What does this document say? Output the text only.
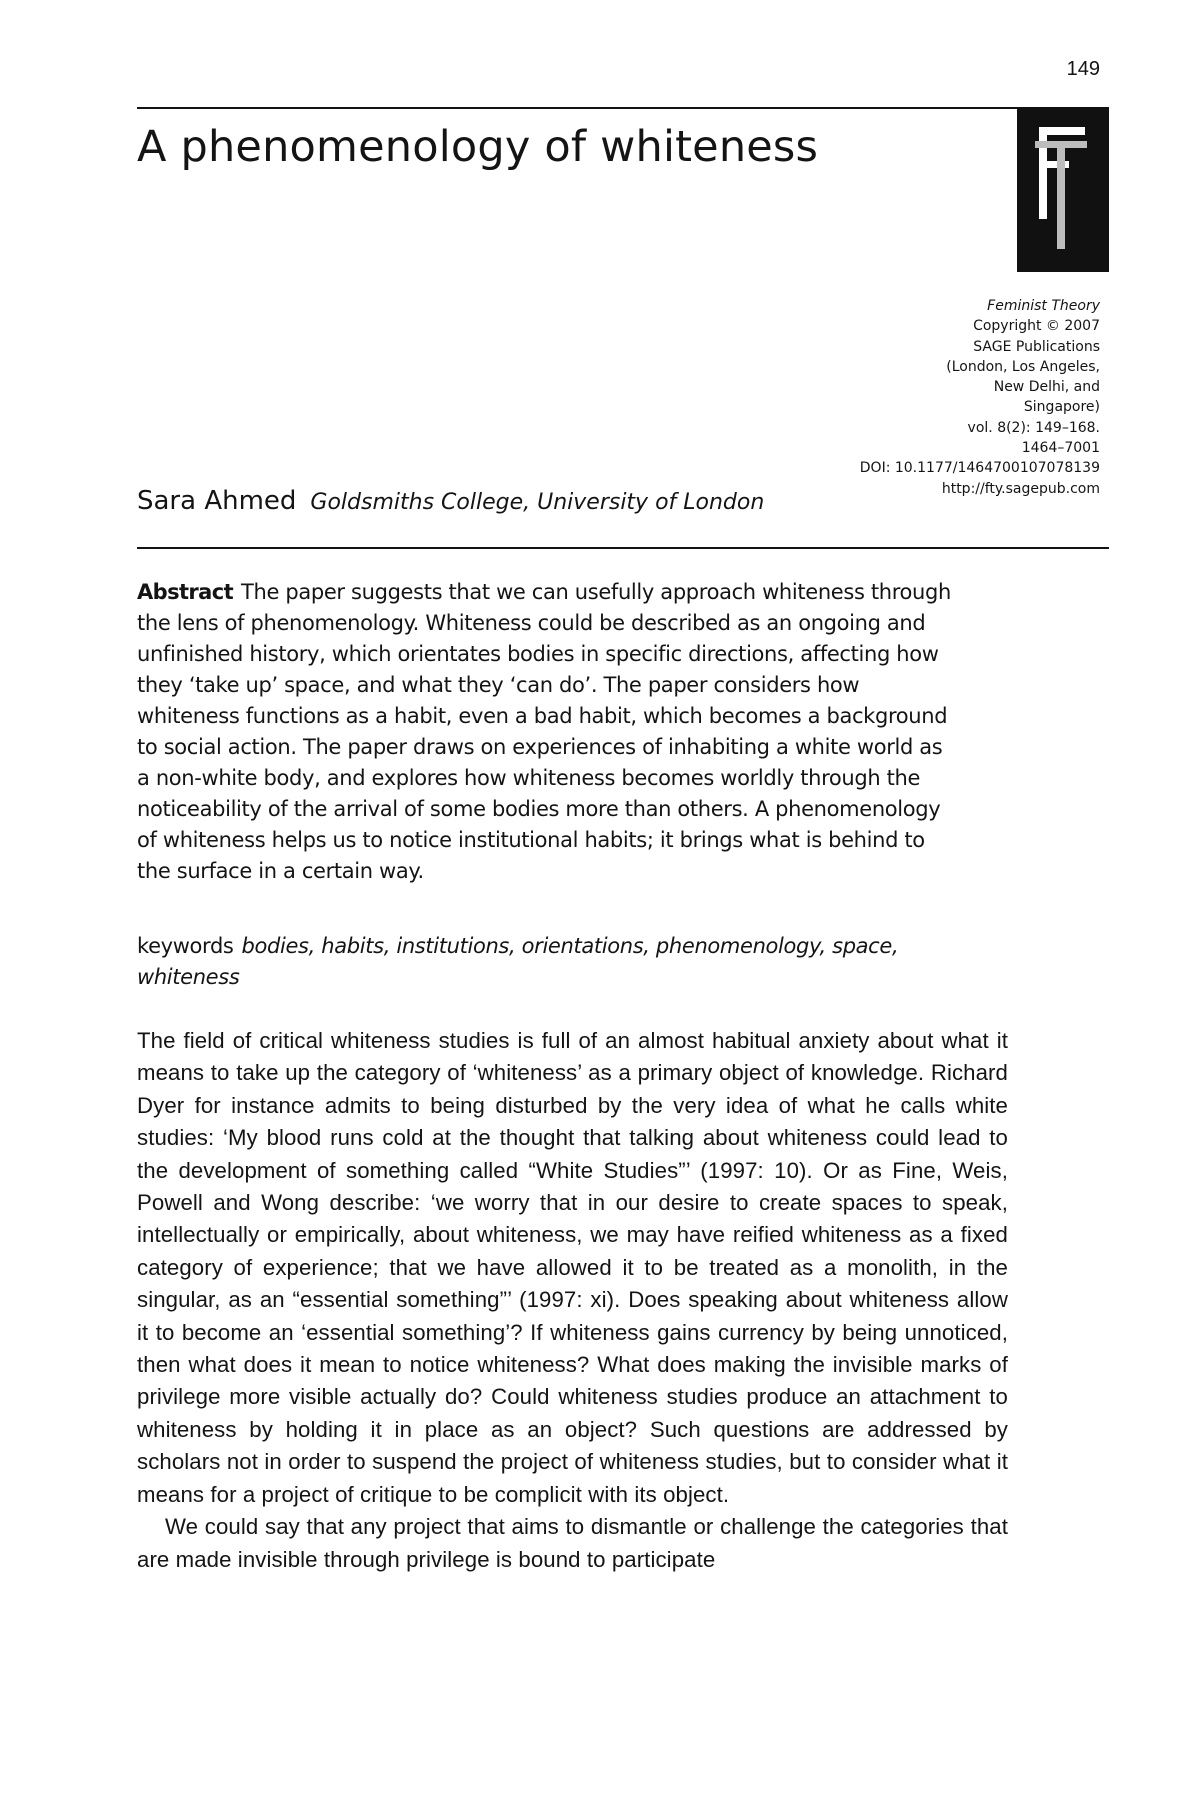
149
A phenomenology of whiteness
Feminist Theory
Copyright © 2007
SAGE Publications
(London, Los Angeles,
New Delhi, and
Singapore)
vol. 8(2): 149–168.
1464–7001
DOI: 10.1177/1464700107078139
http://fty.sagepub.com
Sara Ahmed Goldsmiths College, University of London

Abstract The paper suggests that we can usefully approach whiteness through the lens of phenomenology. Whiteness could be described as an ongoing and unfinished history, which orientates bodies in specific directions, affecting how they ‘take up’ space, and what they ‘can do’. The paper considers how whiteness functions as a habit, even a bad habit, which becomes a background to social action. The paper draws on experiences of inhabiting a white world as a non-white body, and explores how whiteness becomes worldly through the noticeability of the arrival of some bodies more than others. A phenomenology of whiteness helps us to notice institutional habits; it brings what is behind to the surface in a certain way.

keywords bodies, habits, institutions, orientations, phenomenology, space, whiteness

The field of critical whiteness studies is full of an almost habitual anxiety about what it means to take up the category of ‘whiteness’ as a primary object of knowledge. Richard Dyer for instance admits to being disturbed by the very idea of what he calls white studies: ‘My blood runs cold at the thought that talking about whiteness could lead to the development of something called “White Studies”’ (1997: 10). Or as Fine, Weis, Powell and Wong describe: ‘we worry that in our desire to create spaces to speak, intellectually or empirically, about whiteness, we may have reified whiteness as a fixed category of experience; that we have allowed it to be treated as a monolith, in the singular, as an “essential something”’ (1997: xi). Does speaking about whiteness allow it to become an ‘essential something’? If whiteness gains currency by being unnoticed, then what does it mean to notice whiteness? What does making the invisible marks of privilege more visible actually do? Could whiteness studies produce an attachment to whiteness by holding it in place as an object? Such questions are addressed by scholars not in order to suspend the project of whiteness studies, but to consider what it means for a project of critique to be complicit with its object.

We could say that any project that aims to dismantle or challenge the categories that are made invisible through privilege is bound to participate
